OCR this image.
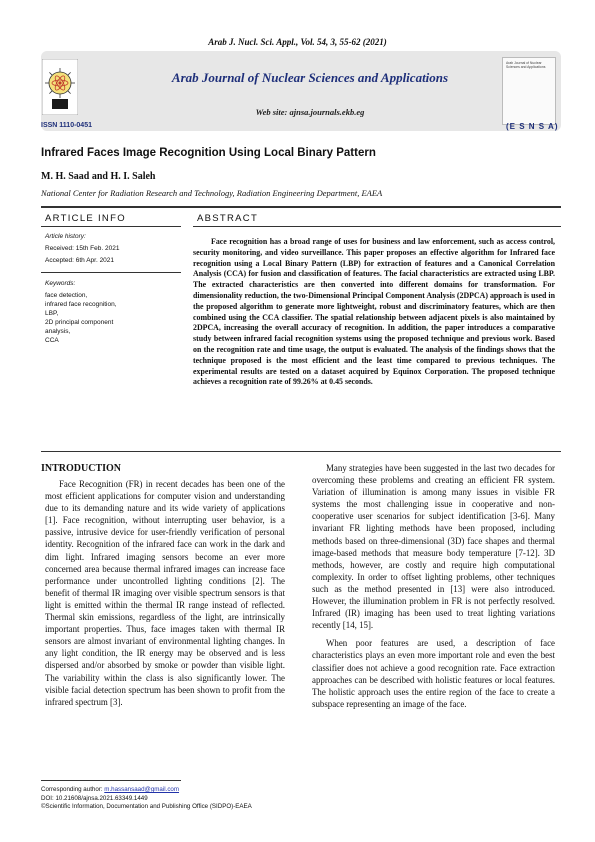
Arab J. Nucl. Sci. Appl., Vol. 54, 3, 55-62 (2021)
ISSN 1110-0451
Arab Journal of Nuclear Sciences and Applications
Web site: ajnsa.journals.ekb.eg
Arab Journal of Nuclear Sciences and Applications
(E S N S A)
Infrared Faces Image Recognition Using Local Binary Pattern
M. H. Saad and H. I. Saleh
National Center for Radiation Research and Technology, Radiation Engineering Department, EAEA
ARTICLE INFO	ABSTRACT
Article history:
Received: 15th Feb. 2021
Accepted: 6th Apr. 2021
Keywords:
face detection,
infrared face recognition,
LBP,
2D principal component
analysis,
CCA
Face recognition has a broad range of uses for business and law enforcement, such as access control, security monitoring, and video surveillance. This paper proposes an effective algorithm for Infrared face recognition using a Local Binary Pattern (LBP) for extraction of features and a Canonical Correlation Analysis (CCA) for fusion and classification of features. The facial characteristics are extracted using LBP. The extracted characteristics are then converted into different domains for transformation. For dimensionality reduction, the two-Dimensional Principal Component Analysis (2DPCA) approach is used in the proposed algorithm to generate more lightweight, robust and discriminatory features, which are then combined using the CCA classifier. The spatial relationship between adjacent pixels is also maintained by 2DPCA, increasing the overall accuracy of recognition. In addition, the paper introduces a comparative study between infrared facial recognition systems using the proposed technique and previous work. Based on the recognition rate and time usage, the output is evaluated. The analysis of the findings shows that the technique proposed is the most efficient and the least time compared to previous techniques. The experimental results are tested on a dataset acquired by Equinox Corporation. The proposed technique achieves a recognition rate of 99.26% at 0.45 seconds.
INTRODUCTION

Face Recognition (FR) in recent decades has been one of the most efficient applications for computer vision and understanding due to its demanding nature and its wide variety of applications [1]. Face recognition, without interrupting user behavior, is a passive, intrusive device for user-friendly verification of personal identity. Recognition of the infrared face can work in the dark and dim light. Infrared imaging sensors become an ever more concerned area because thermal infrared images can increase face performance under uncontrolled lighting conditions [2]. The benefit of thermal IR imaging over visible spectrum sensors is that light is emitted within the thermal IR range instead of reflected. Thermal skin emissions, regardless of the light, are intrinsically important properties. Thus, face images taken with thermal IR sensors are almost invariant of environmental lighting changes. In any light condition, the IR energy may be observed and is less dispersed and/or absorbed by smoke or powder than visible light. The variability within the class is also significantly lower. The visible facial detection spectrum has been shown to profit from the infrared spectrum [3].

Many strategies have been suggested in the last two decades for overcoming these problems and creating an efficient FR system. Variation of illumination is among many issues in visible FR systems the most challenging issue in cooperative and non-cooperative user scenarios for subject identification [3-6]. Many invariant FR lighting methods have been proposed, including methods based on three-dimensional (3D) face shapes and thermal image-based methods that measure body temperature [7-12]. 3D methods, however, are costly and require high computational complexity. In order to offset lighting problems, other techniques such as the method presented in [13] were also introduced. However, the illumination problem in FR is not perfectly resolved. Infrared (IR) imaging has been used to treat lighting variations recently [14, 15].

When poor features are used, a description of face characteristics plays an even more important role and even the best classifier does not achieve a good recognition rate. Face extraction approaches can be described with holistic features or local features. The holistic approach uses the entire region of the face to create a subspace representing an image of the face.

Corresponding author: m.hassansaad@gmail.com
DOI: 10.21608/ajnsa.2021.63349.1449
©Scientific Information, Documentation and Publishing Office (SIDPO)-EAEA
